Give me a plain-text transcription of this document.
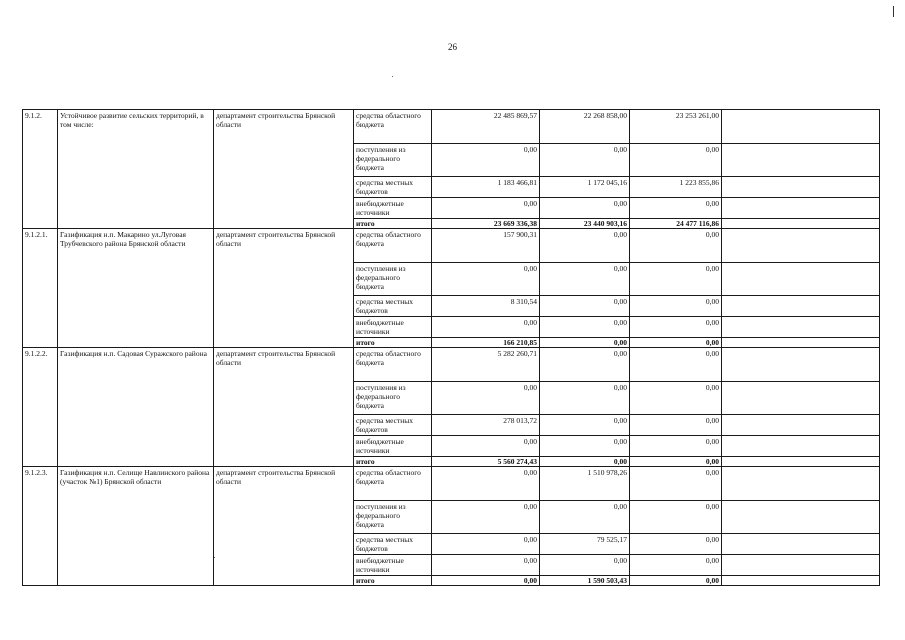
26
9.1.2.	Устойчивое развитие сельских территорий, в том числе:	департамент строительства Брянской области	средства областного бюджета	22 485 869,57	22 268 858,00	23 253 261,00	
			поступления из федерального бюджета	0,00	0,00	0,00	
			средства местных бюджетов	1 183 466,81	1 172 045,16	1 223 855,86	
			внебюджетные источники	0,00	0,00	0,00	
			итого	23 669 336,38	23 440 903,16	24 477 116,86	
9.1.2.1.	Газификация н.п. Макарино ул.Луговая Трубчевского района Брянской области	департамент строительства Брянской области	средства областного бюджета	157 900,31	0,00	0,00	
			поступления из федерального бюджета	0,00	0,00	0,00	
			средства местных бюджетов	8 310,54	0,00	0,00	
			внебюджетные источники	0,00	0,00	0,00	
			итого	166 210,85	0,00	0,00	
9.1.2.2.	Газификация н.п. Садовая Суражского района	департамент строительства Брянской области	средства областного бюджета	5 282 260,71	0,00	0,00	
			поступления из федерального бюджета	0,00	0,00	0,00	
			средства местных бюджетов	278 013,72	0,00	0,00	
			внебюджетные источники	0,00	0,00	0,00	
			итого	5 560 274,43	0,00	0,00	
9.1.2.3.	Газификация н.п. Селище Навлинского района (участок №1) Брянской области	департамент строительства Брянской области	средства областного бюджета	0,00	1 510 978,26	0,00	
			поступления из федерального бюджета	0,00	0,00	0,00	
			средства местных бюджетов	0,00	79 525,17	0,00	
			внебюджетные источники	0,00	0,00	0,00	
			итого	0,00	1 590 503,43	0,00	
